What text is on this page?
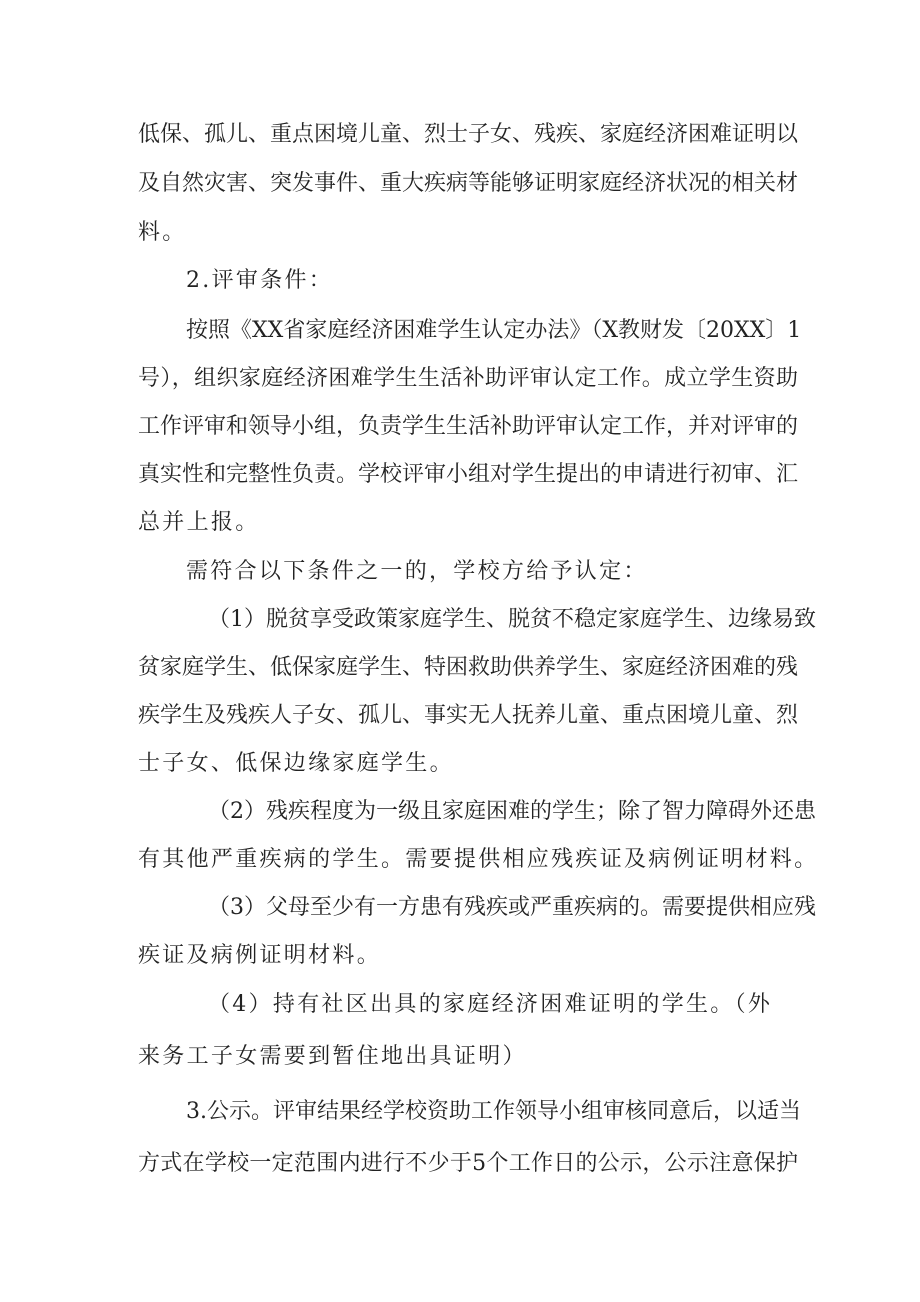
低保、孤儿、重点困境儿童、烈士子女、残疾、家庭经济困难证明以
及自然灾害、突发事件、重大疾病等能够证明家庭经济状况的相关材
料。
2.评审条件：
按照《XX省家庭经济困难学生认定办法》（X教财发〔20XX〕1
号），组织家庭经济困难学生生活补助评审认定工作。成立学生资助
工作评审和领导小组，负责学生生活补助评审认定工作，并对评审的
真实性和完整性负责。学校评审小组对学生提出的申请进行初审、汇
总并上报。
需符合以下条件之一的，学校方给予认定：
（1）脱贫享受政策家庭学生、脱贫不稳定家庭学生、边缘易致
贫家庭学生、低保家庭学生、特困救助供养学生、家庭经济困难的残
疾学生及残疾人子女、孤儿、事实无人抚养儿童、重点困境儿童、烈
士子女、低保边缘家庭学生。
（2）残疾程度为一级且家庭困难的学生；除了智力障碍外还患
有其他严重疾病的学生。需要提供相应残疾证及病例证明材料。
（3）父母至少有一方患有残疾或严重疾病的。需要提供相应残
疾证及病例证明材料。
（4）持有社区出具的家庭经济困难证明的学生。（外
来务工子女需要到暂住地出具证明）
3.公示。评审结果经学校资助工作领导小组审核同意后，以适当
方式在学校一定范围内进行不少于5个工作日的公示，公示注意保护
